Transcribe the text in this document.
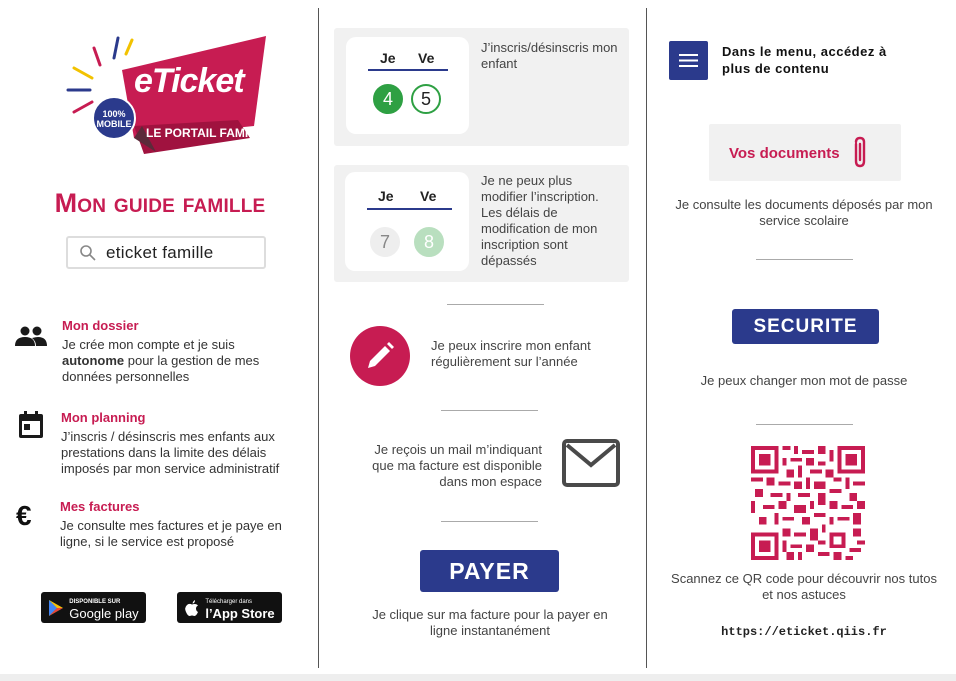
eTicket
LE PORTAIL FAMILLE
100%
MOBILE
Mon guide famille
eticket famille
Mon dossier
Je crée mon compte et je suis autonome pour la gestion de mes données personnelles
Mon planning
J’inscris / désinscris mes enfants aux prestations dans la limite des délais imposés par mon service administratif
€ Mes factures
Je consulte mes factures et je paye en ligne, si le service est proposé
DISPONIBLE SUR
Google play
Télécharger dans
l’App Store
Je Ve
4	5
J’inscris/désinscris mon enfant
Je Ve
7	8
Je ne peux plus modifier l’inscription. Les délais de modification de mon inscription sont dépassés
Je peux inscrire mon enfant régulièrement sur l’année
Je reçois un mail m’indiquant que ma facture est disponible dans mon espace
PAYER
Je clique sur ma facture pour la payer en ligne instantanément
Dans le menu, accédez à plus de contenu
Vos documents
Je consulte les documents déposés par mon service scolaire
SECURITE
Je peux changer mon mot de passe
Scannez ce QR code pour découvrir nos tutos et nos astuces
https://eticket.qiis.fr
